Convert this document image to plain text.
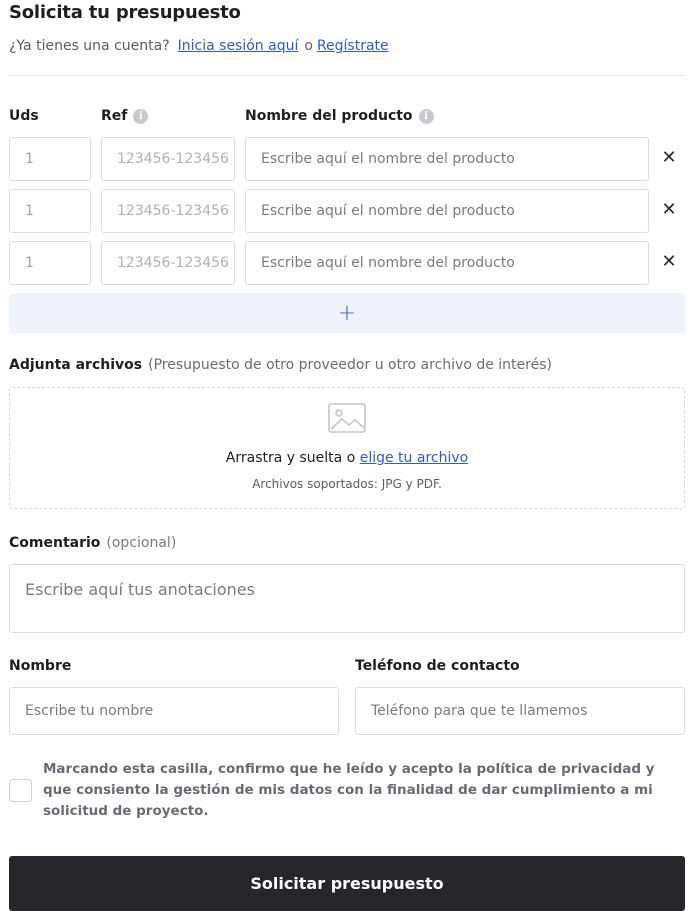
Solicita tu presupuesto
¿Ya tienes una cuenta? Inicia sesión aquí o Regístrate
Uds	Ref	i	Nombre del producto	i
1	123456-123456	Escribe aquí el nombre del producto	✕
1	123456-123456	Escribe aquí el nombre del producto	✕
1	123456-123456	Escribe aquí el nombre del producto	✕
+
Adjunta archivos (Presupuesto de otro proveedor u otro archivo de interés)
Arrastra y suelta o elige tu archivo
Archivos soportados: JPG y PDF.
Comentario (opcional)
Escribe aquí tus anotaciones
Nombre
Escribe tu nombre
Teléfono de contacto
Teléfono para que te llamemos
Marcando esta casilla, confirmo que he leído y acepto la política de privacidad y que consiento la gestión de mis datos con la finalidad de dar cumplimiento a mi solicitud de proyecto.
Solicitar presupuesto
